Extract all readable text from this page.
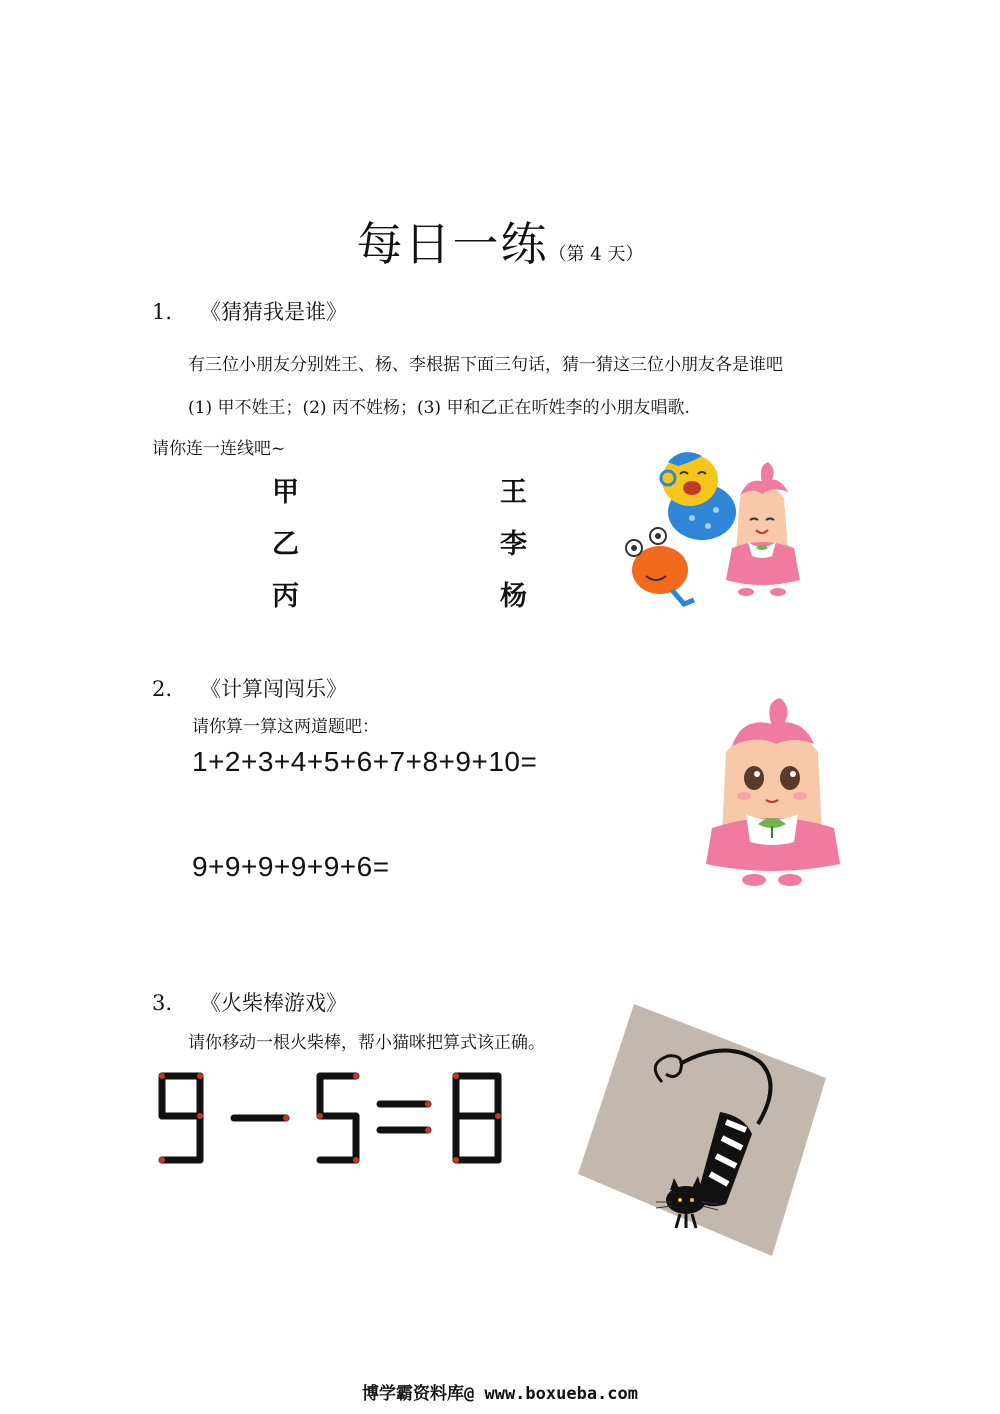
每日一练（第 4 天）
1. 《猜猜我是谁》
有三位小朋友分别姓王、杨、李根据下面三句话，猜一猜这三位小朋友各是谁吧
(1) 甲不姓王；(2) 丙不姓杨；(3) 甲和乙正在听姓李的小朋友唱歌.
请你连一连线吧~
甲
乙
丙
王
李
杨
2. 《计算闯闯乐》
请你算一算这两道题吧：
1+2+3+4+5+6+7+8+9+10=
9+9+9+9+9+6=
3. 《火柴棒游戏》
请你移动一根火柴棒，帮小猫咪把算式该正确。
博学霸资料库@ www.boxueba.com
